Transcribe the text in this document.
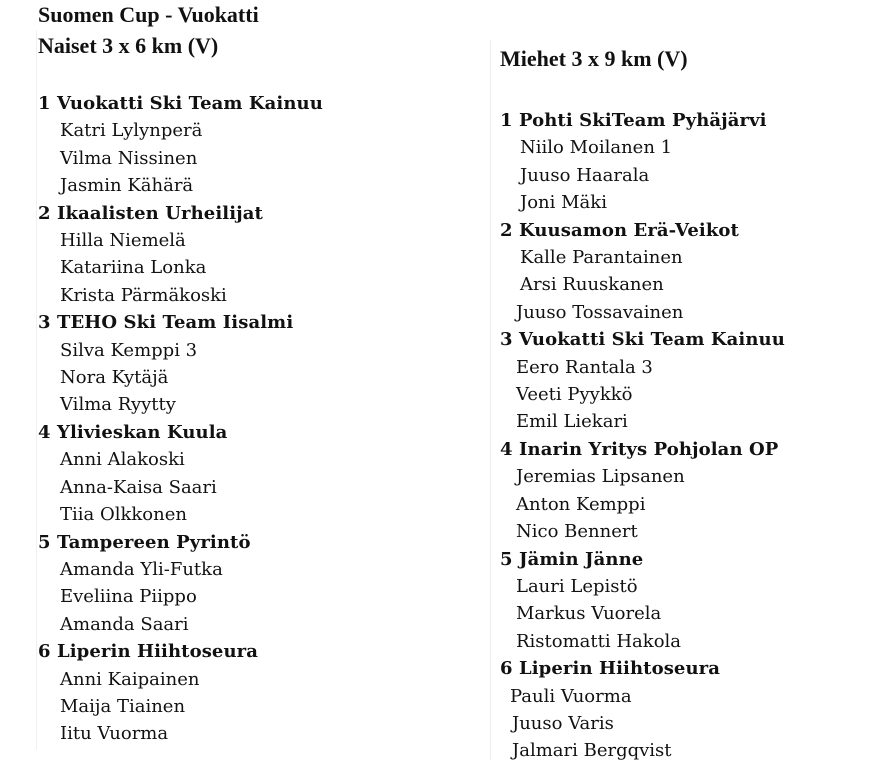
Suomen Cup - Vuokatti
Naiset 3 x 6 km (V)
Miehet 3 x 9 km (V)
1 Vuokatti Ski Team Kainuu
Katri Lylynperä
Vilma Nissinen
Jasmin Kähärä
2 Ikaalisten Urheilijat
Hilla Niemelä
Katariina Lonka
Krista Pärmäkoski
3 TEHO Ski Team Iisalmi
Silva Kemppi 3
Nora Kytäjä
Vilma Ryytty
4 Ylivieskan Kuula
Anni Alakoski
Anna-Kaisa Saari
Tiia Olkkonen
5 Tampereen Pyrintö
Amanda Yli-Futka
Eveliina Piippo
Amanda Saari
6 Liperin Hiihtoseura
Anni Kaipainen
Maija Tiainen
Iitu Vuorma
1 Pohti SkiTeam Pyhäjärvi
Niilo Moilanen 1
Juuso Haarala
Joni Mäki
2 Kuusamon Erä-Veikot
Kalle Parantainen
Arsi Ruuskanen
Juuso Tossavainen
3 Vuokatti Ski Team Kainuu
Eero Rantala 3
Veeti Pyykkö
Emil Liekari
4 Inarin Yritys Pohjolan OP
Jeremias Lipsanen
Anton Kemppi
Nico Bennert
5 Jämin Jänne
Lauri Lepistö
Markus Vuorela
Ristomatti Hakola
6 Liperin Hiihtoseura
Pauli Vuorma
Juuso Varis
Jalmari Bergqvist
